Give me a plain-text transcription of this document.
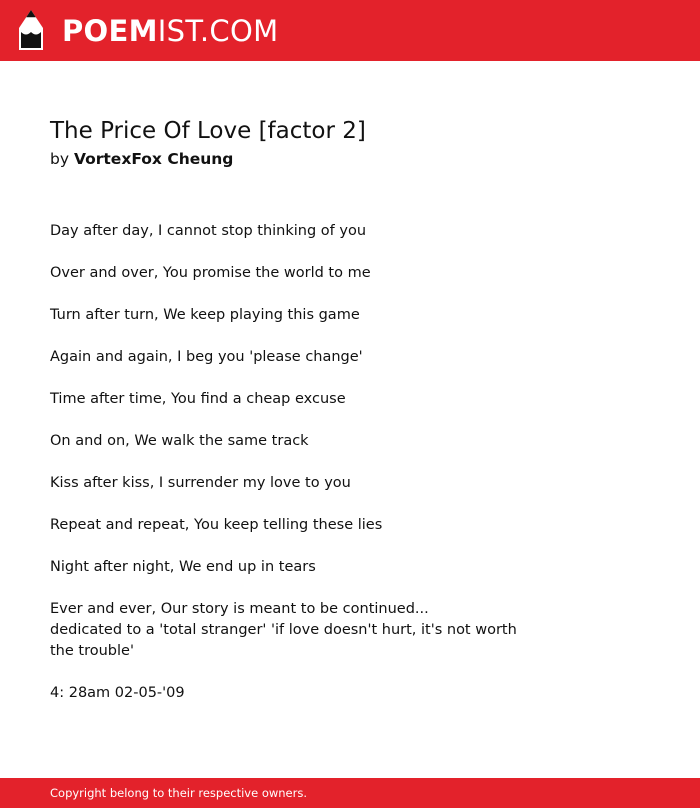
POEMIST.COM
The Price Of Love [factor 2]
by VortexFox Cheung

Day after day, I cannot stop thinking of you

Over and over, You promise the world to me

Turn after turn, We keep playing this game

Again and again, I beg you 'please change'

Time after time, You find a cheap excuse

On and on, We walk the same track

Kiss after kiss, I surrender my love to you

Repeat and repeat, You keep telling these lies

Night after night, We end up in tears

Ever and ever, Our story is meant to be continued...
dedicated to a 'total stranger' 'if love doesn't hurt, it's not worth the trouble'

4: 28am 02-05-'09

Copyright belong to their respective owners.
